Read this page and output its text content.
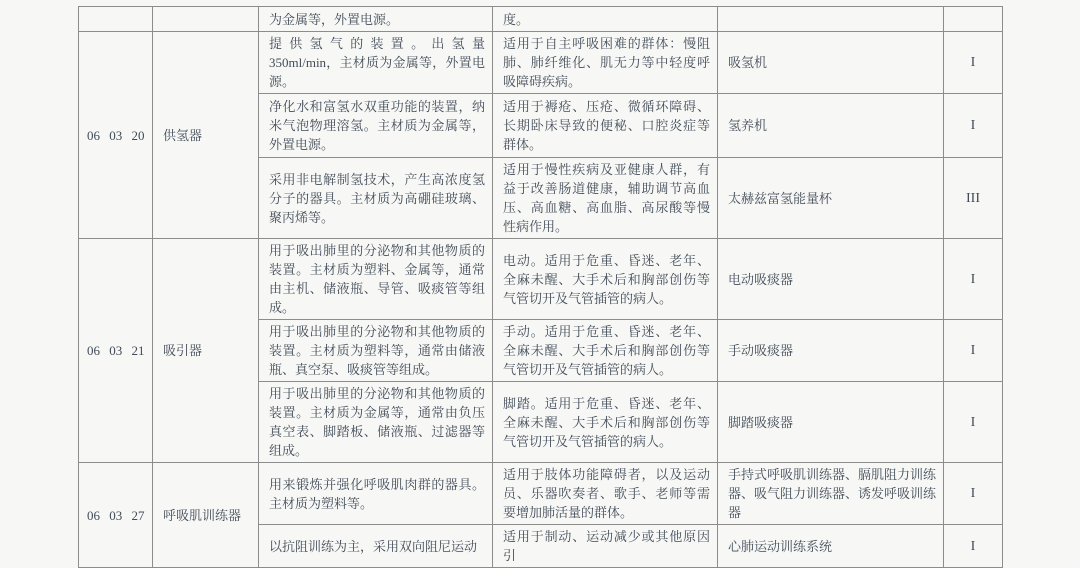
		为金属等，外置电源。	度。		
06 03 20	供氢器	提供氢气的装置。出氢量 350ml/min，主材质为金属等，外置电源。	适用于自主呼吸困难的群体：慢阻肺、肺纤维化、肌无力等中轻度呼吸障碍疾病。	吸氢机	I
		净化水和富氢水双重功能的装置，纳米气泡物理溶氢。主材质为金属等，外置电源。	适用于褥疮、压疮、微循环障碍、长期卧床导致的便秘、口腔炎症等群体。	氢养机	I
		采用非电解制氢技术，产生高浓度氢分子的器具。主材质为高硼硅玻璃、聚丙烯等。	适用于慢性疾病及亚健康人群，有益于改善肠道健康，辅助调节高血压、高血糖、高血脂、高尿酸等慢性病作用。	太赫兹富氢能量杯	III
06 03 21	吸引器	用于吸出肺里的分泌物和其他物质的装置。主材质为塑料、金属等，通常由主机、储液瓶、导管、吸痰管等组成。	电动。适用于危重、昏迷、老年、全麻未醒、大手术后和胸部创伤等气管切开及气管插管的病人。	电动吸痰器	I
		用于吸出肺里的分泌物和其他物质的装置。主材质为塑料等，通常由储液瓶、真空泵、吸痰管等组成。	手动。适用于危重、昏迷、老年、全麻未醒、大手术后和胸部创伤等气管切开及气管插管的病人。	手动吸痰器	I
		用于吸出肺里的分泌物和其他物质的装置。主材质为金属等，通常由负压真空表、脚踏板、储液瓶、过滤器等组成。	脚踏。适用于危重、昏迷、老年、全麻未醒、大手术后和胸部创伤等气管切开及气管插管的病人。	脚踏吸痰器	I
06 03 27	呼吸肌训练器	用来锻炼并强化呼吸肌肉群的器具。主材质为塑料等。	适用于肢体功能障碍者，以及运动员、乐器吹奏者、歌手、老师等需要增加肺活量的群体。	手持式呼吸肌训练器、膈肌阻力训练器、吸气阻力训练器、诱发呼吸训练器	I
		以抗阻训练为主，采用双向阻尼运动	适用于制动、运动减少或其他原因引	心肺运动训练系统	I
